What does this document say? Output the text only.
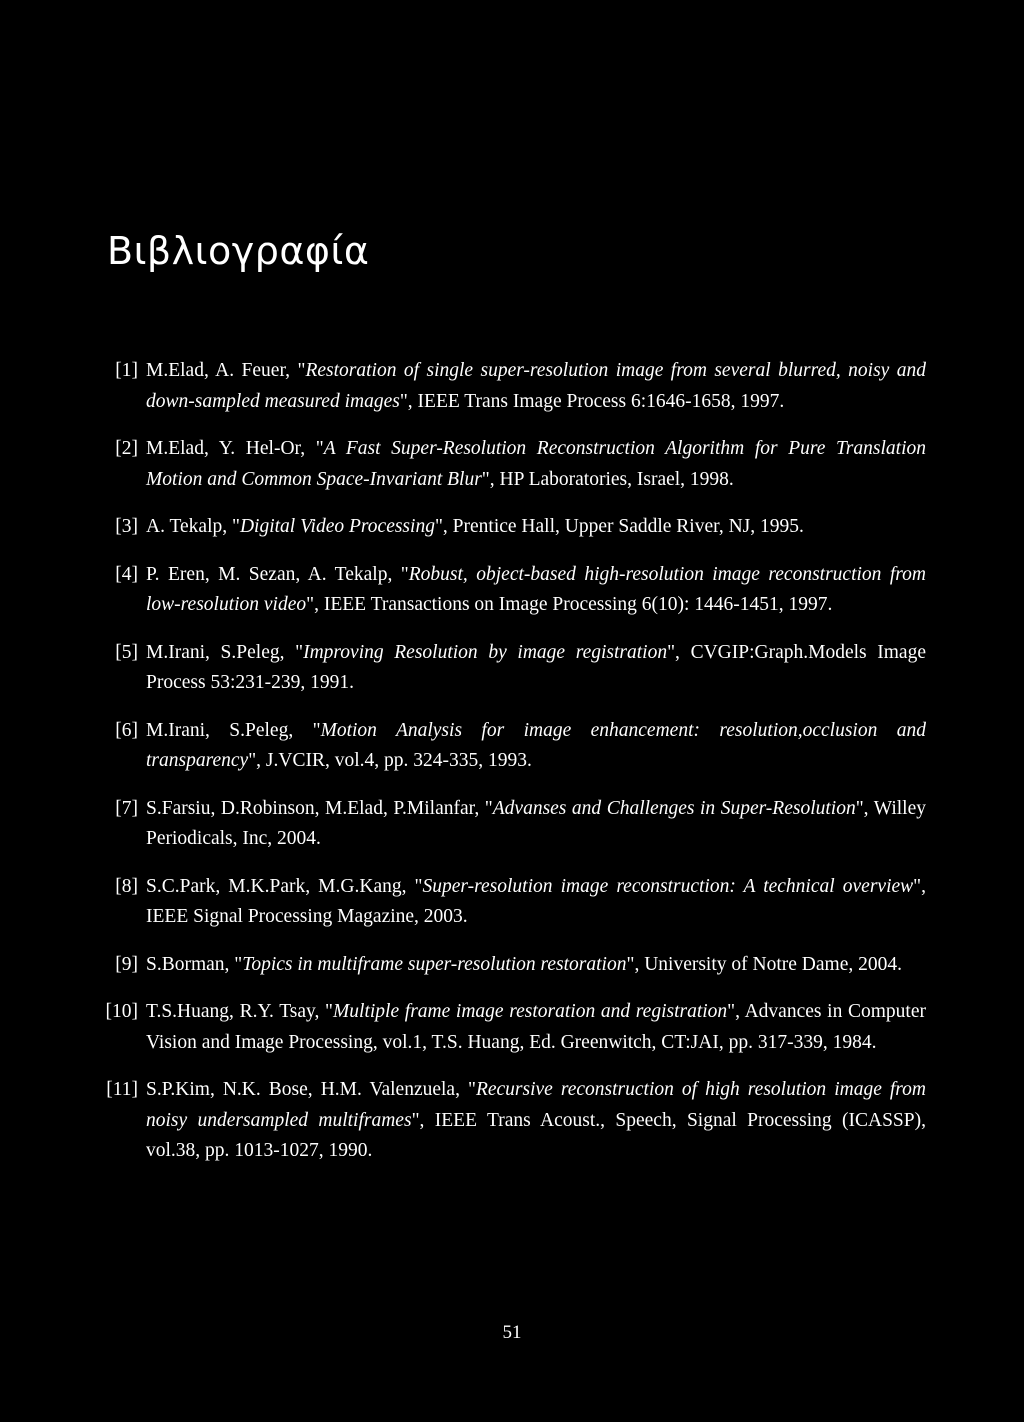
Βιβλιογραφία
[1] M.Elad, A. Feuer, "Restoration of single super-resolution image from several blurred, noisy and down-sampled measured images", IEEE Trans Image Process 6:1646-1658, 1997.
[2] M.Elad, Y. Hel-Or, "A Fast Super-Resolution Reconstruction Algorithm for Pure Translation Motion and Common Space-Invariant Blur", HP Laboratories, Israel, 1998.
[3] A. Tekalp, "Digital Video Processing", Prentice Hall, Upper Saddle River, NJ, 1995.
[4] P. Eren, M. Sezan, A. Tekalp, "Robust, object-based high-resolution image reconstruction from low-resolution video", IEEE Transactions on Image Processing 6(10): 1446-1451, 1997.
[5] M.Irani, S.Peleg, "Improving Resolution by image registration", CVGIP:Graph.Models Image Process 53:231-239, 1991.
[6] M.Irani, S.Peleg, "Motion Analysis for image enhancement: resolution,occlusion and transparency", J.VCIR, vol.4, pp. 324-335, 1993.
[7] S.Farsiu, D.Robinson, M.Elad, P.Milanfar, "Advanses and Challenges in Super-Resolution", Willey Periodicals, Inc, 2004.
[8] S.C.Park, M.K.Park, M.G.Kang, "Super-resolution image reconstruction: A technical overview", IEEE Signal Processing Magazine, 2003.
[9] S.Borman, "Topics in multiframe super-resolution restoration", University of Notre Dame, 2004.
[10] T.S.Huang, R.Y. Tsay, "Multiple frame image restoration and registration", Advances in Computer Vision and Image Processing, vol.1, T.S. Huang, Ed. Greenwitch, CT:JAI, pp. 317-339, 1984.
[11] S.P.Kim, N.K. Bose, H.M. Valenzuela, "Recursive reconstruction of high resolution image from noisy undersampled multiframes", IEEE Trans Acoust., Speech, Signal Processing (ICASSP), vol.38, pp. 1013-1027, 1990.
51
